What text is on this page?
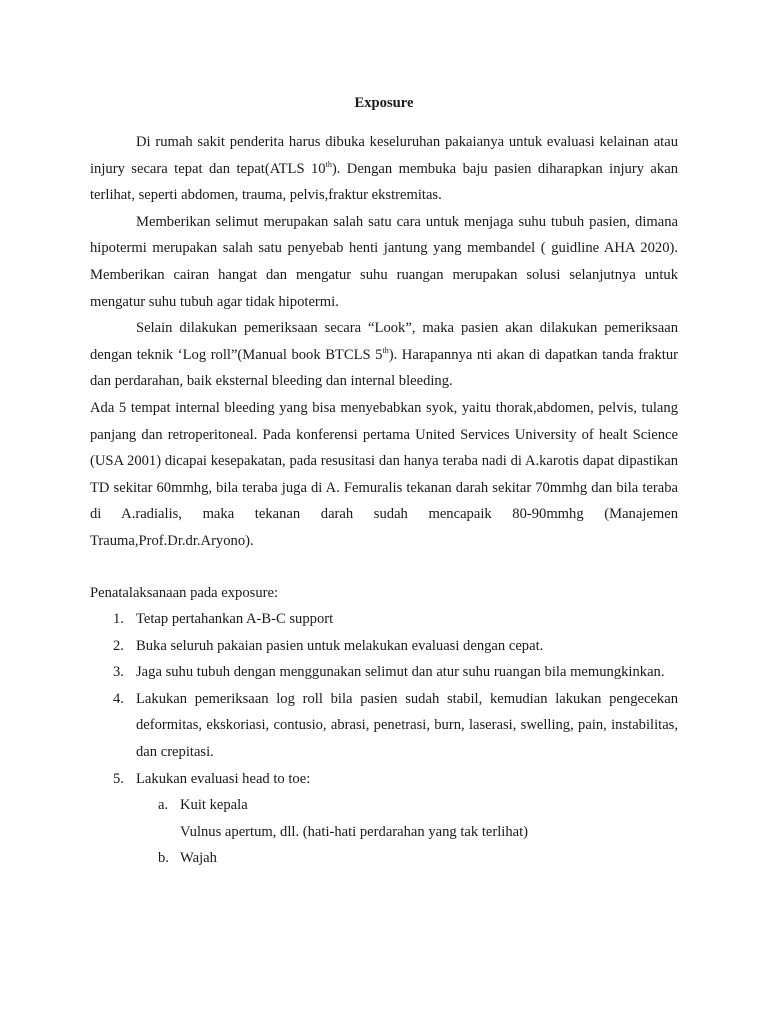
Exposure

Di rumah sakit penderita harus dibuka keseluruhan pakaianya untuk evaluasi kelainan atau injury secara tepat dan tepat(ATLS 10th). Dengan membuka baju pasien diharapkan injury akan terlihat, seperti abdomen, trauma, pelvis,fraktur ekstremitas.

Memberikan selimut merupakan salah satu cara untuk menjaga suhu tubuh pasien, dimana hipotermi merupakan salah satu penyebab henti jantung yang membandel ( guidline AHA 2020). Memberikan cairan hangat dan mengatur suhu ruangan merupakan solusi selanjutnya untuk mengatur suhu tubuh agar tidak hipotermi.

Selain dilakukan pemeriksaan secara “Look”, maka pasien akan dilakukan pemeriksaan dengan teknik ‘Log roll”(Manual book BTCLS 5th). Harapannya nti akan di dapatkan tanda fraktur dan perdarahan, baik eksternal bleeding dan internal bleeding.

Ada 5 tempat internal bleeding yang bisa menyebabkan syok, yaitu thorak,abdomen, pelvis, tulang panjang dan retroperitoneal. Pada konferensi pertama United Services University of healt Science (USA 2001) dicapai kesepakatan, pada resusitasi dan hanya teraba nadi di A.karotis dapat dipastikan TD sekitar 60mmhg, bila teraba juga di A. Femuralis tekanan darah sekitar 70mmhg dan bila teraba di A.radialis, maka tekanan darah sudah mencapaik 80-90mmhg (Manajemen Trauma,Prof.Dr.dr.Aryono).

Penatalaksanaan pada exposure:

1. Tetap pertahankan A-B-C support
2. Buka seluruh pakaian pasien untuk melakukan evaluasi dengan cepat.
3. Jaga suhu tubuh dengan menggunakan selimut dan atur suhu ruangan bila memungkinkan.
4. Lakukan pemeriksaan log roll bila pasien sudah stabil, kemudian lakukan pengecekan deformitas, ekskoriasi, contusio, abrasi, penetrasi, burn, laserasi, swelling, pain, instabilitas, dan crepitasi.
5. Lakukan evaluasi head to toe:
a. Kuit kepala
Vulnus apertum, dll. (hati-hati perdarahan yang tak terlihat)
b. Wajah
